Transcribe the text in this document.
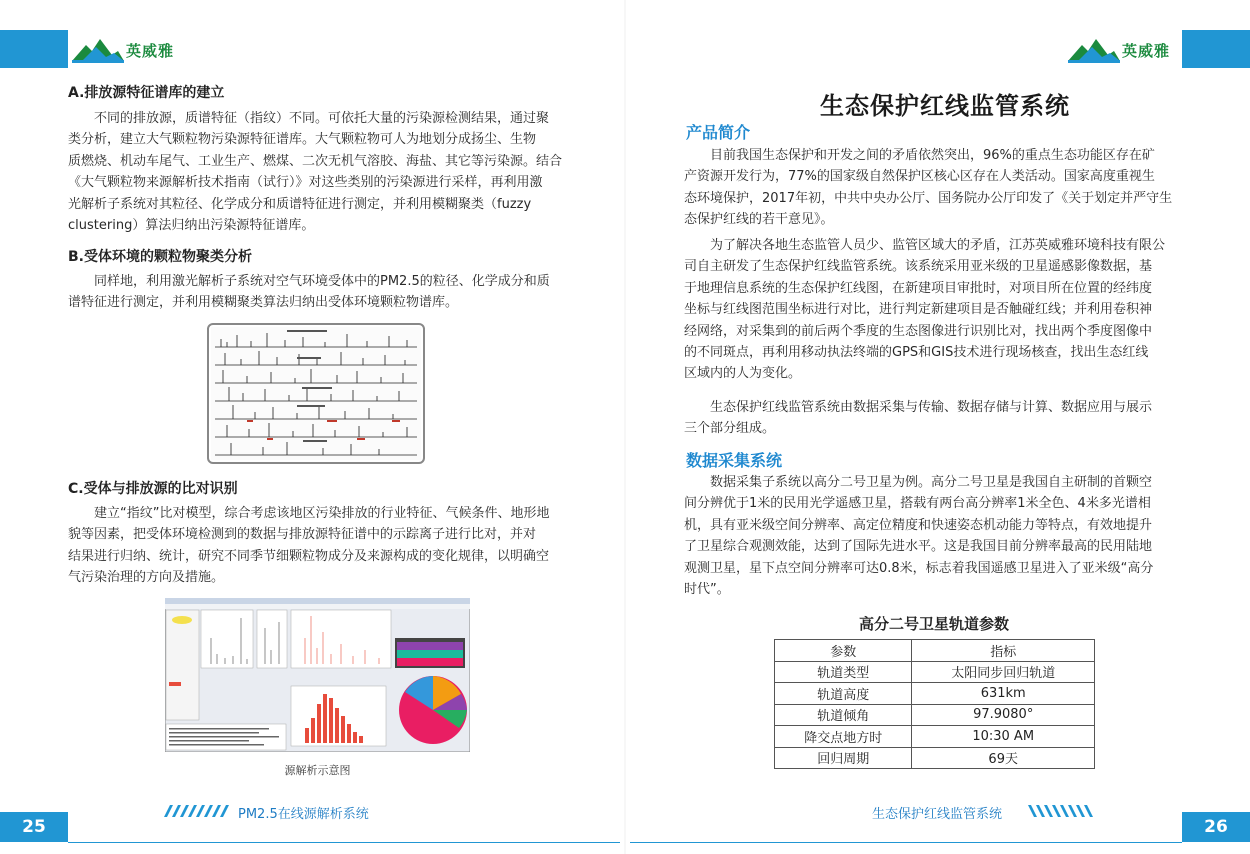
英威雅	英威雅
A.排放源特征谱库的建立
不同的排放源，质谱特征（指纹）不同。可依托大量的污染源检测结果，通过聚
类分析，建立大气颗粒物污染源特征谱库。大气颗粒物可人为地划分成扬尘、生物
质燃烧、机动车尾气、工业生产、燃煤、二次无机气溶胶、海盐、其它等污染源。结合
《大气颗粒物来源解析技术指南（试行）》对这些类别的污染源进行采样，再利用激
光解析子系统对其粒径、化学成分和质谱特征进行测定，并利用模糊聚类（fuzzy
clustering）算法归纳出污染源特征谱库。
B.受体环境的颗粒物聚类分析
同样地，利用激光解析子系统对空气环境受体中的PM2.5的粒径、化学成分和质
谱特征进行测定，并利用模糊聚类算法归纳出受体环境颗粒物谱库。
C.受体与排放源的比对识别
建立“指纹”比对模型，综合考虑该地区污染排放的行业特征、气候条件、地形地
貌等因素，把受体环境检测到的数据与排放源特征谱中的示踪离子进行比对，并对
结果进行归纳、统计，研究不同季节细颗粒物成分及来源构成的变化规律，以明确空
气污染治理的方向及措施。
源解析示意图
生态保护红线监管系统
产品简介
目前我国生态保护和开发之间的矛盾依然突出，96%的重点生态功能区存在矿
产资源开发行为，77%的国家级自然保护区核心区存在人类活动。国家高度重视生
态环境保护，2017年初，中共中央办公厅、国务院办公厅印发了《关于划定并严守生
态保护红线的若干意见》。
为了解决各地生态监管人员少、监管区域大的矛盾，江苏英威雅环境科技有限公
司自主研发了生态保护红线监管系统。该系统采用亚米级的卫星遥感影像数据，基
于地理信息系统的生态保护红线图，在新建项目审批时，对项目所在位置的经纬度
坐标与红线图范围坐标进行对比，进行判定新建项目是否触碰红线；并利用卷积神
经网络，对采集到的前后两个季度的生态图像进行识别比对，找出两个季度图像中
的不同斑点，再利用移动执法终端的GPS和GIS技术进行现场核查，找出生态红线
区域内的人为变化。
生态保护红线监管系统由数据采集与传输、数据存储与计算、数据应用与展示
三个部分组成。
数据采集系统
数据采集子系统以高分二号卫星为例。高分二号卫星是我国自主研制的首颗空
间分辨优于1米的民用光学遥感卫星，搭载有两台高分辨率1米全色、4米多光谱相
机，具有亚米级空间分辨率、高定位精度和快速姿态机动能力等特点，有效地提升
了卫星综合观测效能，达到了国际先进水平。这是我国目前分辨率最高的民用陆地
观测卫星，星下点空间分辨率可达0.8米，标志着我国遥感卫星进入了亚米级“高分
时代”。
高分二号卫星轨道参数
参数	指标
轨道类型	太阳同步回归轨道
轨道高度	631km
轨道倾角	97.9080°
降交点地方时	10:30 AM
回归周期	69天
25
PM2.5在线源解析系统	生态保护红线监管系统
26
